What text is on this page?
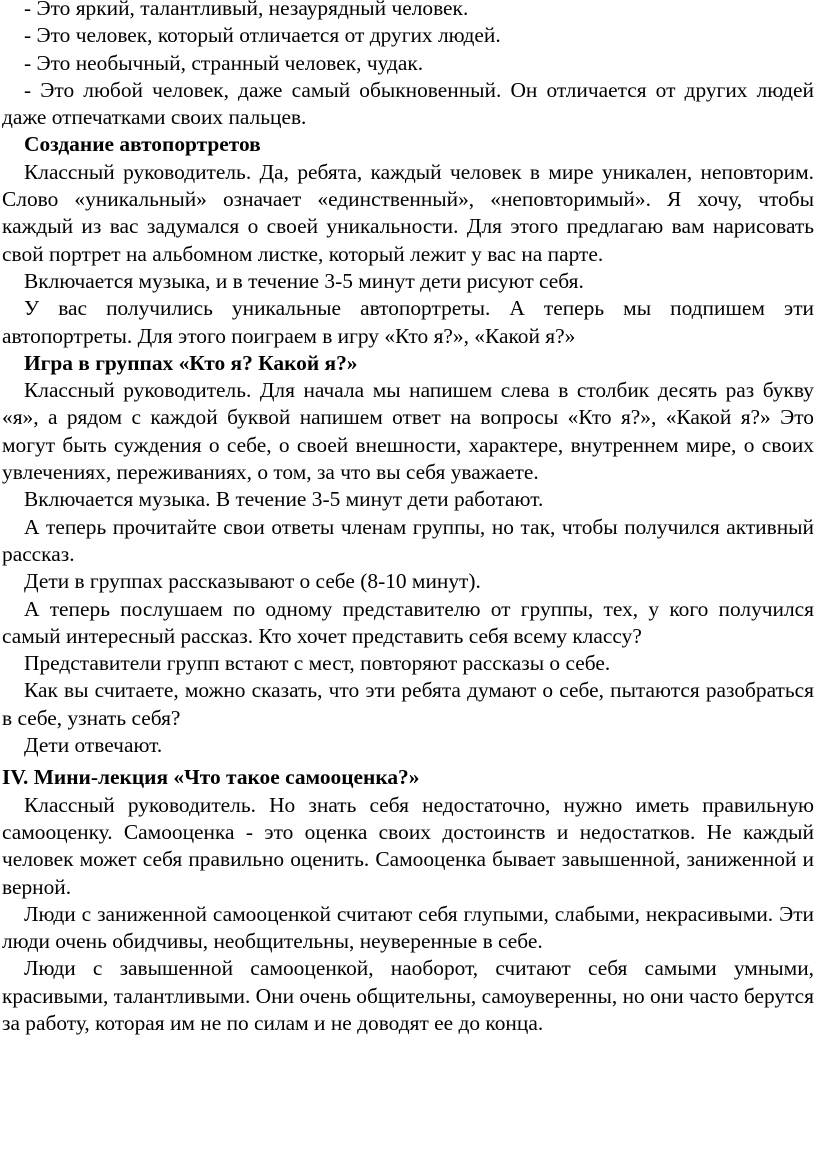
- Это яркий, талантливый, незаурядный человек.

- Это человек, который отличается от других людей.

- Это необычный, странный человек, чудак.

- Это любой человек, даже самый обыкновенный. Он отличается от других людей даже отпечатками своих пальцев.

Создание автопортретов

Классный руководитель. Да, ребята, каждый человек в мире уникален, неповторим. Слово «уникальный» означает «единственный», «неповторимый». Я хочу, чтобы каждый из вас задумался о своей уникальности. Для этого предлагаю вам нарисовать свой портрет на альбомном листке, который лежит у вас на парте.

Включается музыка, и в течение 3-5 минут дети рисуют себя.

У вас получились уникальные автопортреты. А теперь мы подпишем эти автопортреты. Для этого поиграем в игру «Кто я?», «Какой я?»

Игра в группах «Кто я? Какой я?»

Классный руководитель. Для начала мы напишем слева в столбик десять раз букву «я», а рядом с каждой буквой напишем ответ на вопросы «Кто я?», «Какой я?» Это могут быть суждения о себе, о своей внешности, характере, внутреннем мире, о своих увлечениях, переживаниях, о том, за что вы себя уважаете.

Включается музыка. В течение 3-5 минут дети работают.

А теперь прочитайте свои ответы членам группы, но так, чтобы получился активный рассказ.

Дети в группах рассказывают о себе (8-10 минут).

А теперь послушаем по одному представителю от группы, тех, у кого получился самый интересный рассказ. Кто хочет представить себя всему классу?

Представители групп встают с мест, повторяют рассказы о себе.

Как вы считаете, можно сказать, что эти ребята думают о себе, пытаются разобраться в себе, узнать себя?

Дети отвечают.

IV. Мини-лекция «Что такое самооценка?»

Классный руководитель. Но знать себя недостаточно, нужно иметь правильную самооценку. Самооценка - это оценка своих достоинств и недостатков. Не каждый человек может себя правильно оценить. Самооценка бывает завышенной, заниженной и верной.

Люди с заниженной самооценкой считают себя глупыми, слабыми, некрасивыми. Эти люди очень обидчивы, необщительны, неуверенные в себе.

Люди с завышенной самооценкой, наоборот, считают себя самыми умными, красивыми, талантливыми. Они очень общительны, самоуверенны, но они часто берутся за работу, которая им не по силам и не доводят ее до конца.
